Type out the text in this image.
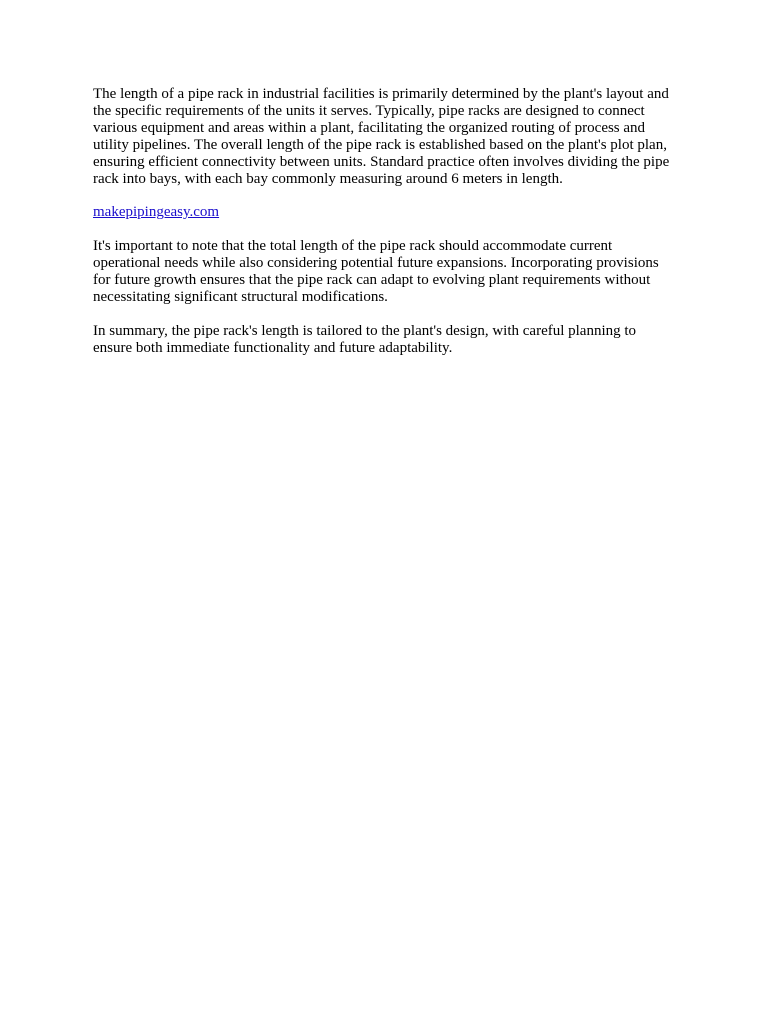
The length of a pipe rack in industrial facilities is primarily determined by the plant's layout and the specific requirements of the units it serves. Typically, pipe racks are designed to connect various equipment and areas within a plant, facilitating the organized routing of process and utility pipelines. The overall length of the pipe rack is established based on the plant's plot plan, ensuring efficient connectivity between units. Standard practice often involves dividing the pipe rack into bays, with each bay commonly measuring around 6 meters in length.

makepipingeasy.com

It's important to note that the total length of the pipe rack should accommodate current operational needs while also considering potential future expansions. Incorporating provisions for future growth ensures that the pipe rack can adapt to evolving plant requirements without necessitating significant structural modifications.

In summary, the pipe rack's length is tailored to the plant's design, with careful planning to ensure both immediate functionality and future adaptability.
